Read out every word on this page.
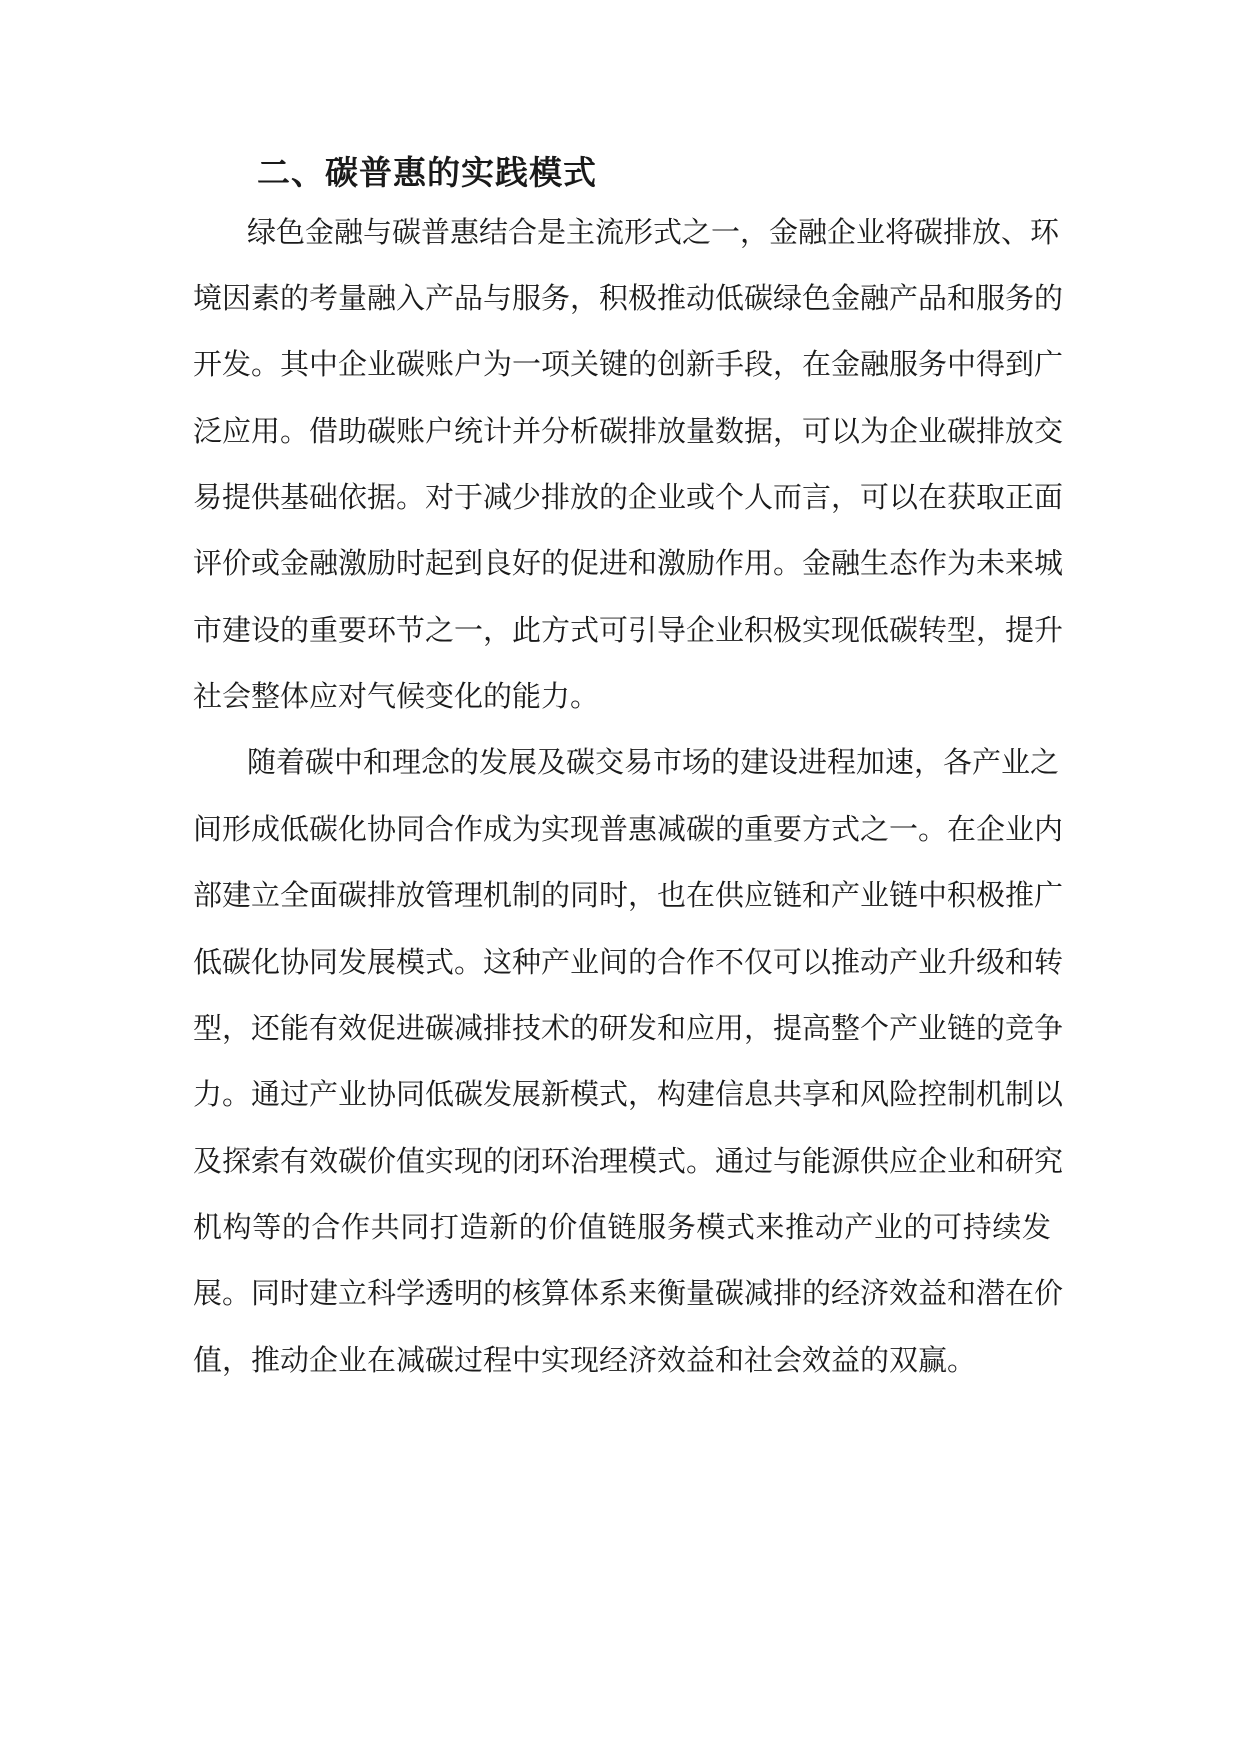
二、碳普惠的实践模式

绿色金融与碳普惠结合是主流形式之一，金融企业将碳排放、环

境因素的考量融入产品与服务，积极推动低碳绿色金融产品和服务的

开发。其中企业碳账户为一项关键的创新手段，在金融服务中得到广

泛应用。借助碳账户统计并分析碳排放量数据，可以为企业碳排放交

易提供基础依据。对于减少排放的企业或个人而言，可以在获取正面

评价或金融激励时起到良好的促进和激励作用。金融生态作为未来城

市建设的重要环节之一，此方式可引导企业积极实现低碳转型，提升

社会整体应对气候变化的能力。

随着碳中和理念的发展及碳交易市场的建设进程加速，各产业之

间形成低碳化协同合作成为实现普惠减碳的重要方式之一。在企业内

部建立全面碳排放管理机制的同时，也在供应链和产业链中积极推广

低碳化协同发展模式。这种产业间的合作不仅可以推动产业升级和转

型，还能有效促进碳减排技术的研发和应用，提高整个产业链的竞争

力。通过产业协同低碳发展新模式，构建信息共享和风险控制机制以

及探索有效碳价值实现的闭环治理模式。通过与能源供应企业和研究

机构等的合作共同打造新的价值链服务模式来推动产业的可持续发

展。同时建立科学透明的核算体系来衡量碳减排的经济效益和潜在价

值，推动企业在减碳过程中实现经济效益和社会效益的双赢。
